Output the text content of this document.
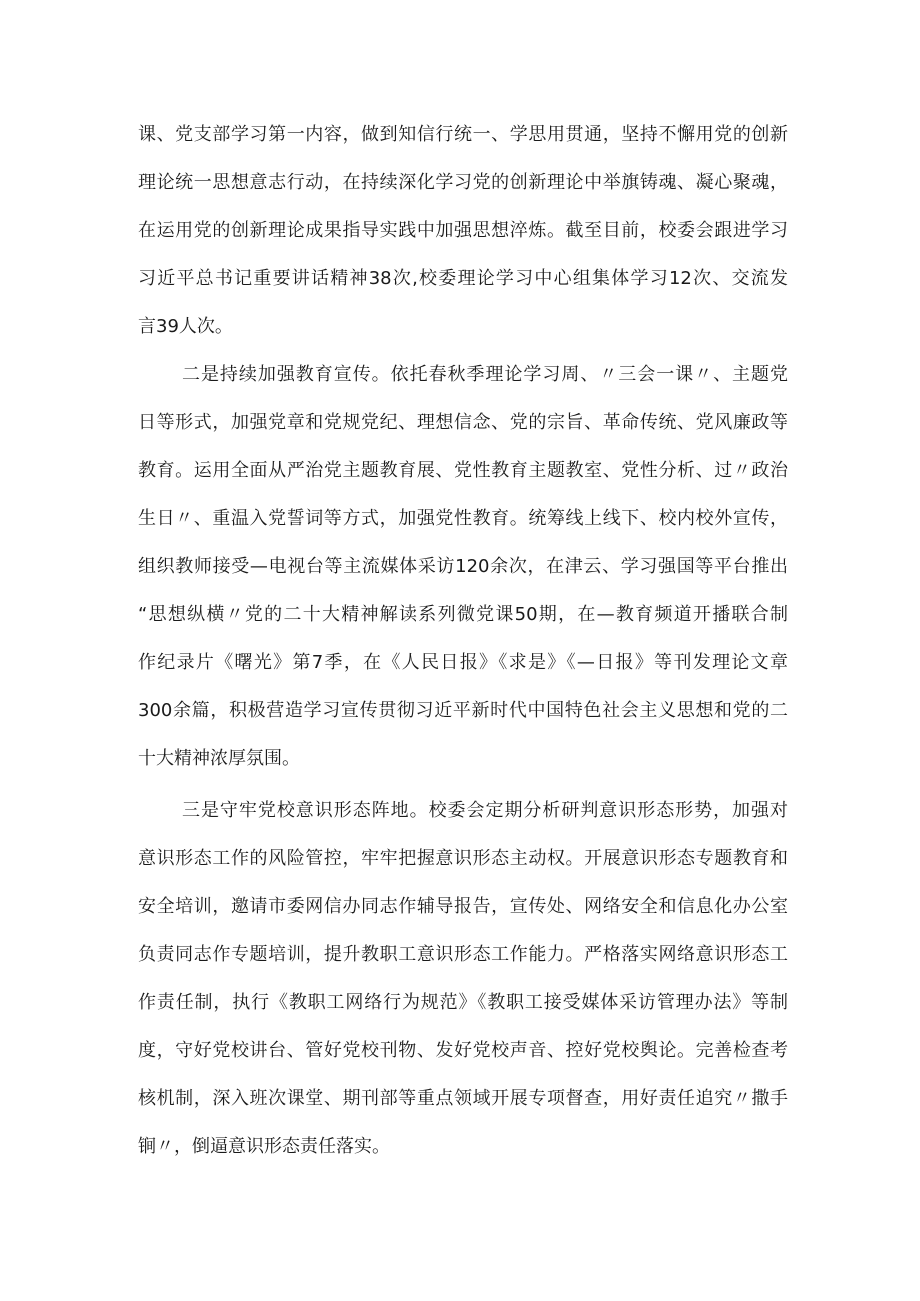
课、党支部学习第一内容，做到知信行统一、学思用贯通，坚持不懈用党的创新
理论统一思想意志行动，在持续深化学习党的创新理论中举旗铸魂、凝心聚魂，
在运用党的创新理论成果指导实践中加强思想淬炼。截至目前，校委会跟进学习
习近平总书记重要讲话精神38次,校委理论学习中心组集体学习12次、交流发
言39人次。
二是持续加强教育宣传。依托春秋季理论学习周、〃三会一课〃、主题党
日等形式，加强党章和党规党纪、理想信念、党的宗旨、革命传统、党风廉政等
教育。运用全面从严治党主题教育展、党性教育主题教室、党性分析、过〃政治
生日〃、重温入党誓词等方式，加强党性教育。统筹线上线下、校内校外宣传，
组织教师接受—电视台等主流媒体采访120余次，在津云、学习强国等平台推出
“思想纵横〃党的二十大精神解读系列微党课50期，在—教育频道开播联合制
作纪录片《曙光》第7季，在《人民日报》《求是》《—日报》等刊发理论文章
300余篇，积极营造学习宣传贯彻习近平新时代中国特色社会主义思想和党的二
十大精神浓厚氛围。
三是守牢党校意识形态阵地。校委会定期分析研判意识形态形势，加强对
意识形态工作的风险管控，牢牢把握意识形态主动权。开展意识形态专题教育和
安全培训，邀请市委网信办同志作辅导报告，宣传处、网络安全和信息化办公室
负责同志作专题培训，提升教职工意识形态工作能力。严格落实网络意识形态工
作责任制，执行《教职工网络行为规范》《教职工接受媒体采访管理办法》等制
度，守好党校讲台、管好党校刊物、发好党校声音、控好党校舆论。完善检查考
核机制，深入班次课堂、期刊部等重点领域开展专项督查，用好责任追究〃撒手
锏〃，倒逼意识形态责任落实。
